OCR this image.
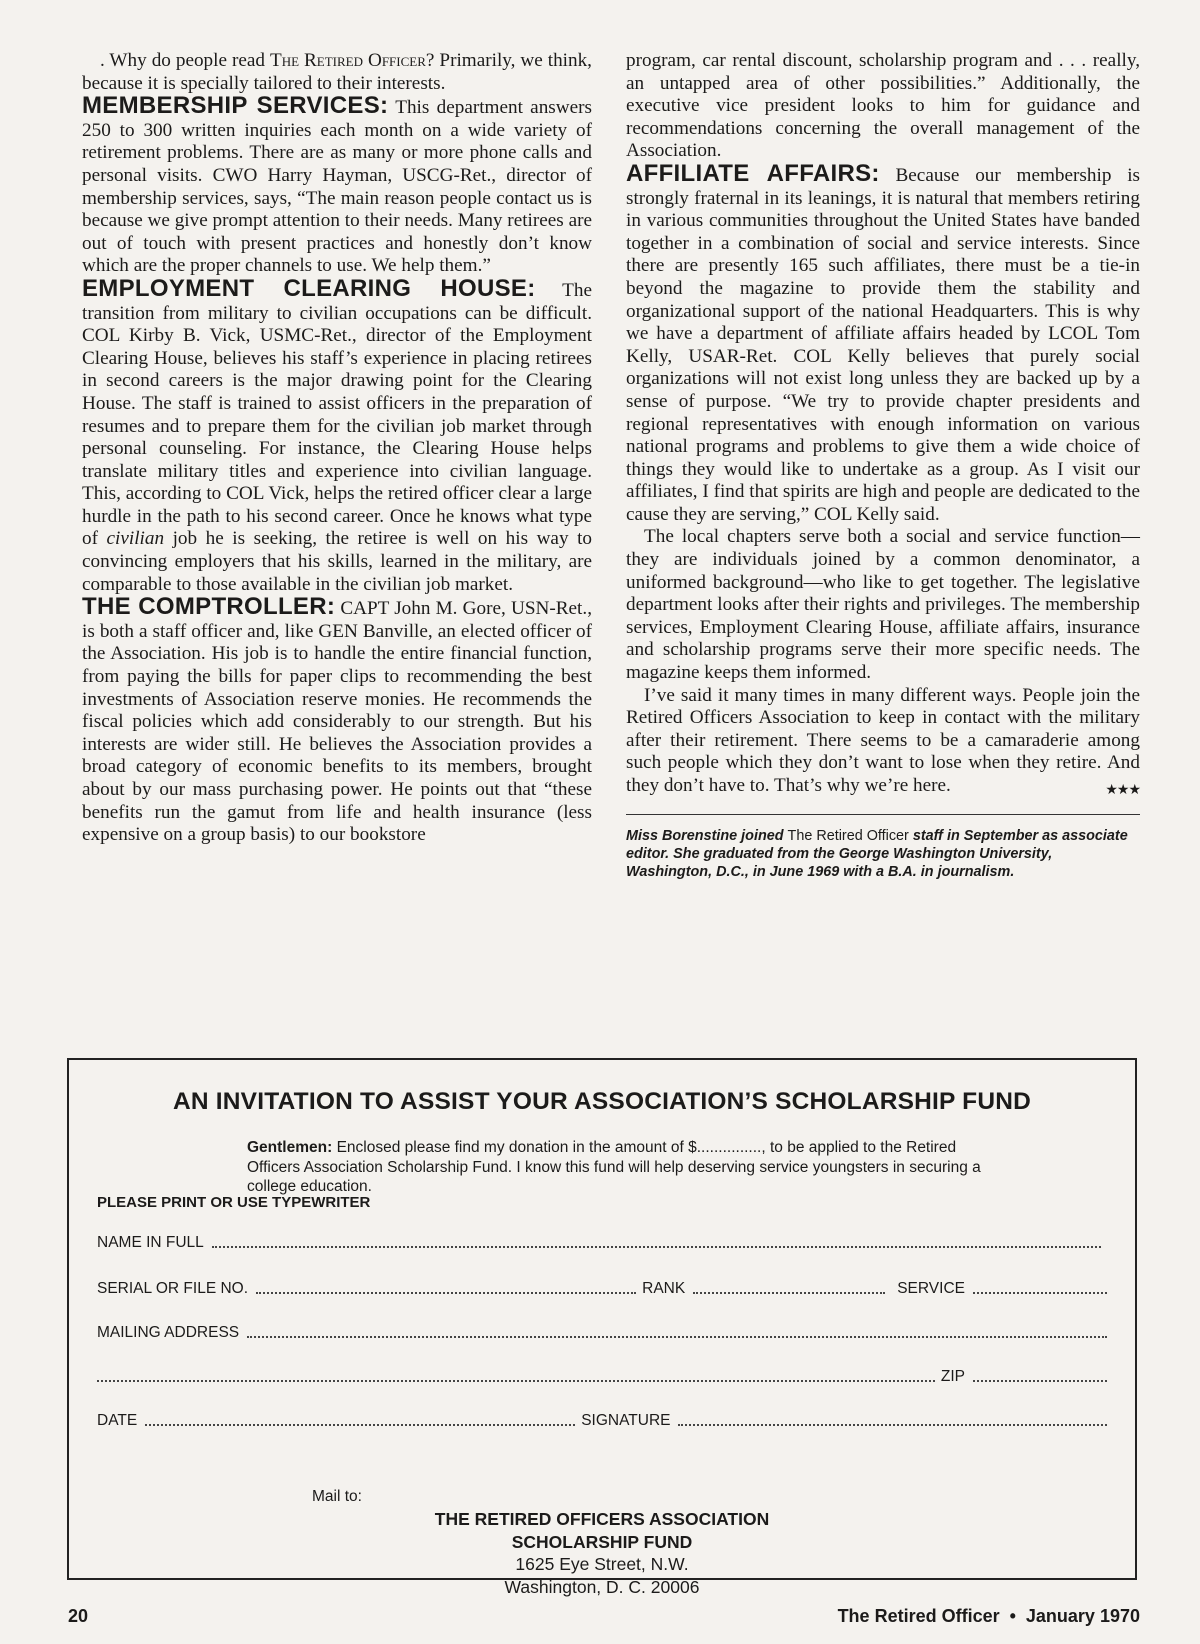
. Why do people read The Retired Officer? Primarily, we think, because it is specially tailored to their interests.

MEMBERSHIP SERVICES: This department answers 250 to 300 written inquiries each month on a wide variety of retirement problems. There are as many or more phone calls and personal visits. CWO Harry Hayman, USCG-Ret., director of membership services, says, “The main reason people contact us is because we give prompt attention to their needs. Many retirees are out of touch with present practices and honestly don’t know which are the proper channels to use. We help them.”

EMPLOYMENT CLEARING HOUSE: The transition from military to civilian occupations can be difficult. COL Kirby B. Vick, USMC-Ret., director of the Employment Clearing House, believes his staff’s experience in placing retirees in second careers is the major drawing point for the Clearing House. The staff is trained to assist officers in the preparation of resumes and to prepare them for the civilian job market through personal counseling. For instance, the Clearing House helps translate military titles and experience into civilian language. This, according to COL Vick, helps the retired officer clear a large hurdle in the path to his second career. Once he knows what type of civilian job he is seeking, the retiree is well on his way to convincing employers that his skills, learned in the military, are comparable to those available in the civilian job market.

THE COMPTROLLER: CAPT John M. Gore, USN-Ret., is both a staff officer and, like GEN Banville, an elected officer of the Association. His job is to handle the entire financial function, from paying the bills for paper clips to recommending the best investments of Association reserve monies. He recommends the fiscal policies which add considerably to our strength. But his interests are wider still. He believes the Association provides a broad category of economic benefits to its members, brought about by our mass purchasing power. He points out that “these benefits run the gamut from life and health insurance (less expensive on a group basis) to our bookstore

program, car rental discount, scholarship program and . . . really, an untapped area of other possibilities.” Additionally, the executive vice president looks to him for guidance and recommendations concerning the overall management of the Association.

AFFILIATE AFFAIRS: Because our membership is strongly fraternal in its leanings, it is natural that members retiring in various communities throughout the United States have banded together in a combination of social and service interests. Since there are presently 165 such affiliates, there must be a tie-in beyond the magazine to provide them the stability and organizational support of the national Headquarters. This is why we have a department of affiliate affairs headed by LCOL Tom Kelly, USAR-Ret. COL Kelly believes that purely social organizations will not exist long unless they are backed up by a sense of purpose. “We try to provide chapter presidents and regional representatives with enough information on various national programs and problems to give them a wide choice of things they would like to undertake as a group. As I visit our affiliates, I find that spirits are high and people are dedicated to the cause they are serving,” COL Kelly said.

The local chapters serve both a social and service function—they are individuals joined by a common denominator, a uniformed background—who like to get together. The legislative department looks after their rights and privileges. The membership services, Employment Clearing House, affiliate affairs, insurance and scholarship programs serve their more specific needs. The magazine keeps them informed.

I’ve said it many times in many different ways. People join the Retired Officers Association to keep in contact with the military after their retirement. There seems to be a camaraderie among such people which they don’t want to lose when they retire. And they don’t have to. That’s why we’re here.	★★★

Miss Borenstine joined The Retired Officer staff in September as associate editor. She graduated from the George Washington University, Washington, D.C., in June 1969 with a B.A. in journalism.

AN INVITATION TO ASSIST YOUR ASSOCIATION’S SCHOLARSHIP FUND
Gentlemen: Enclosed please find my donation in the amount of $..............., to be applied to the Retired Officers Association Scholarship Fund. I know this fund will help deserving service youngsters in securing a college education.
PLEASE PRINT OR USE TYPEWRITER
NAME IN FULL
SERIAL OR FILE NO.	RANK	SERVICE
MAILING ADDRESS
ZIP
DATE	SIGNATURE
Mail to:
THE RETIRED OFFICERS ASSOCIATION
SCHOLARSHIP FUND
1625 Eye Street, N.W.
Washington, D. C. 20006
20	The Retired Officer  •  January 1970
